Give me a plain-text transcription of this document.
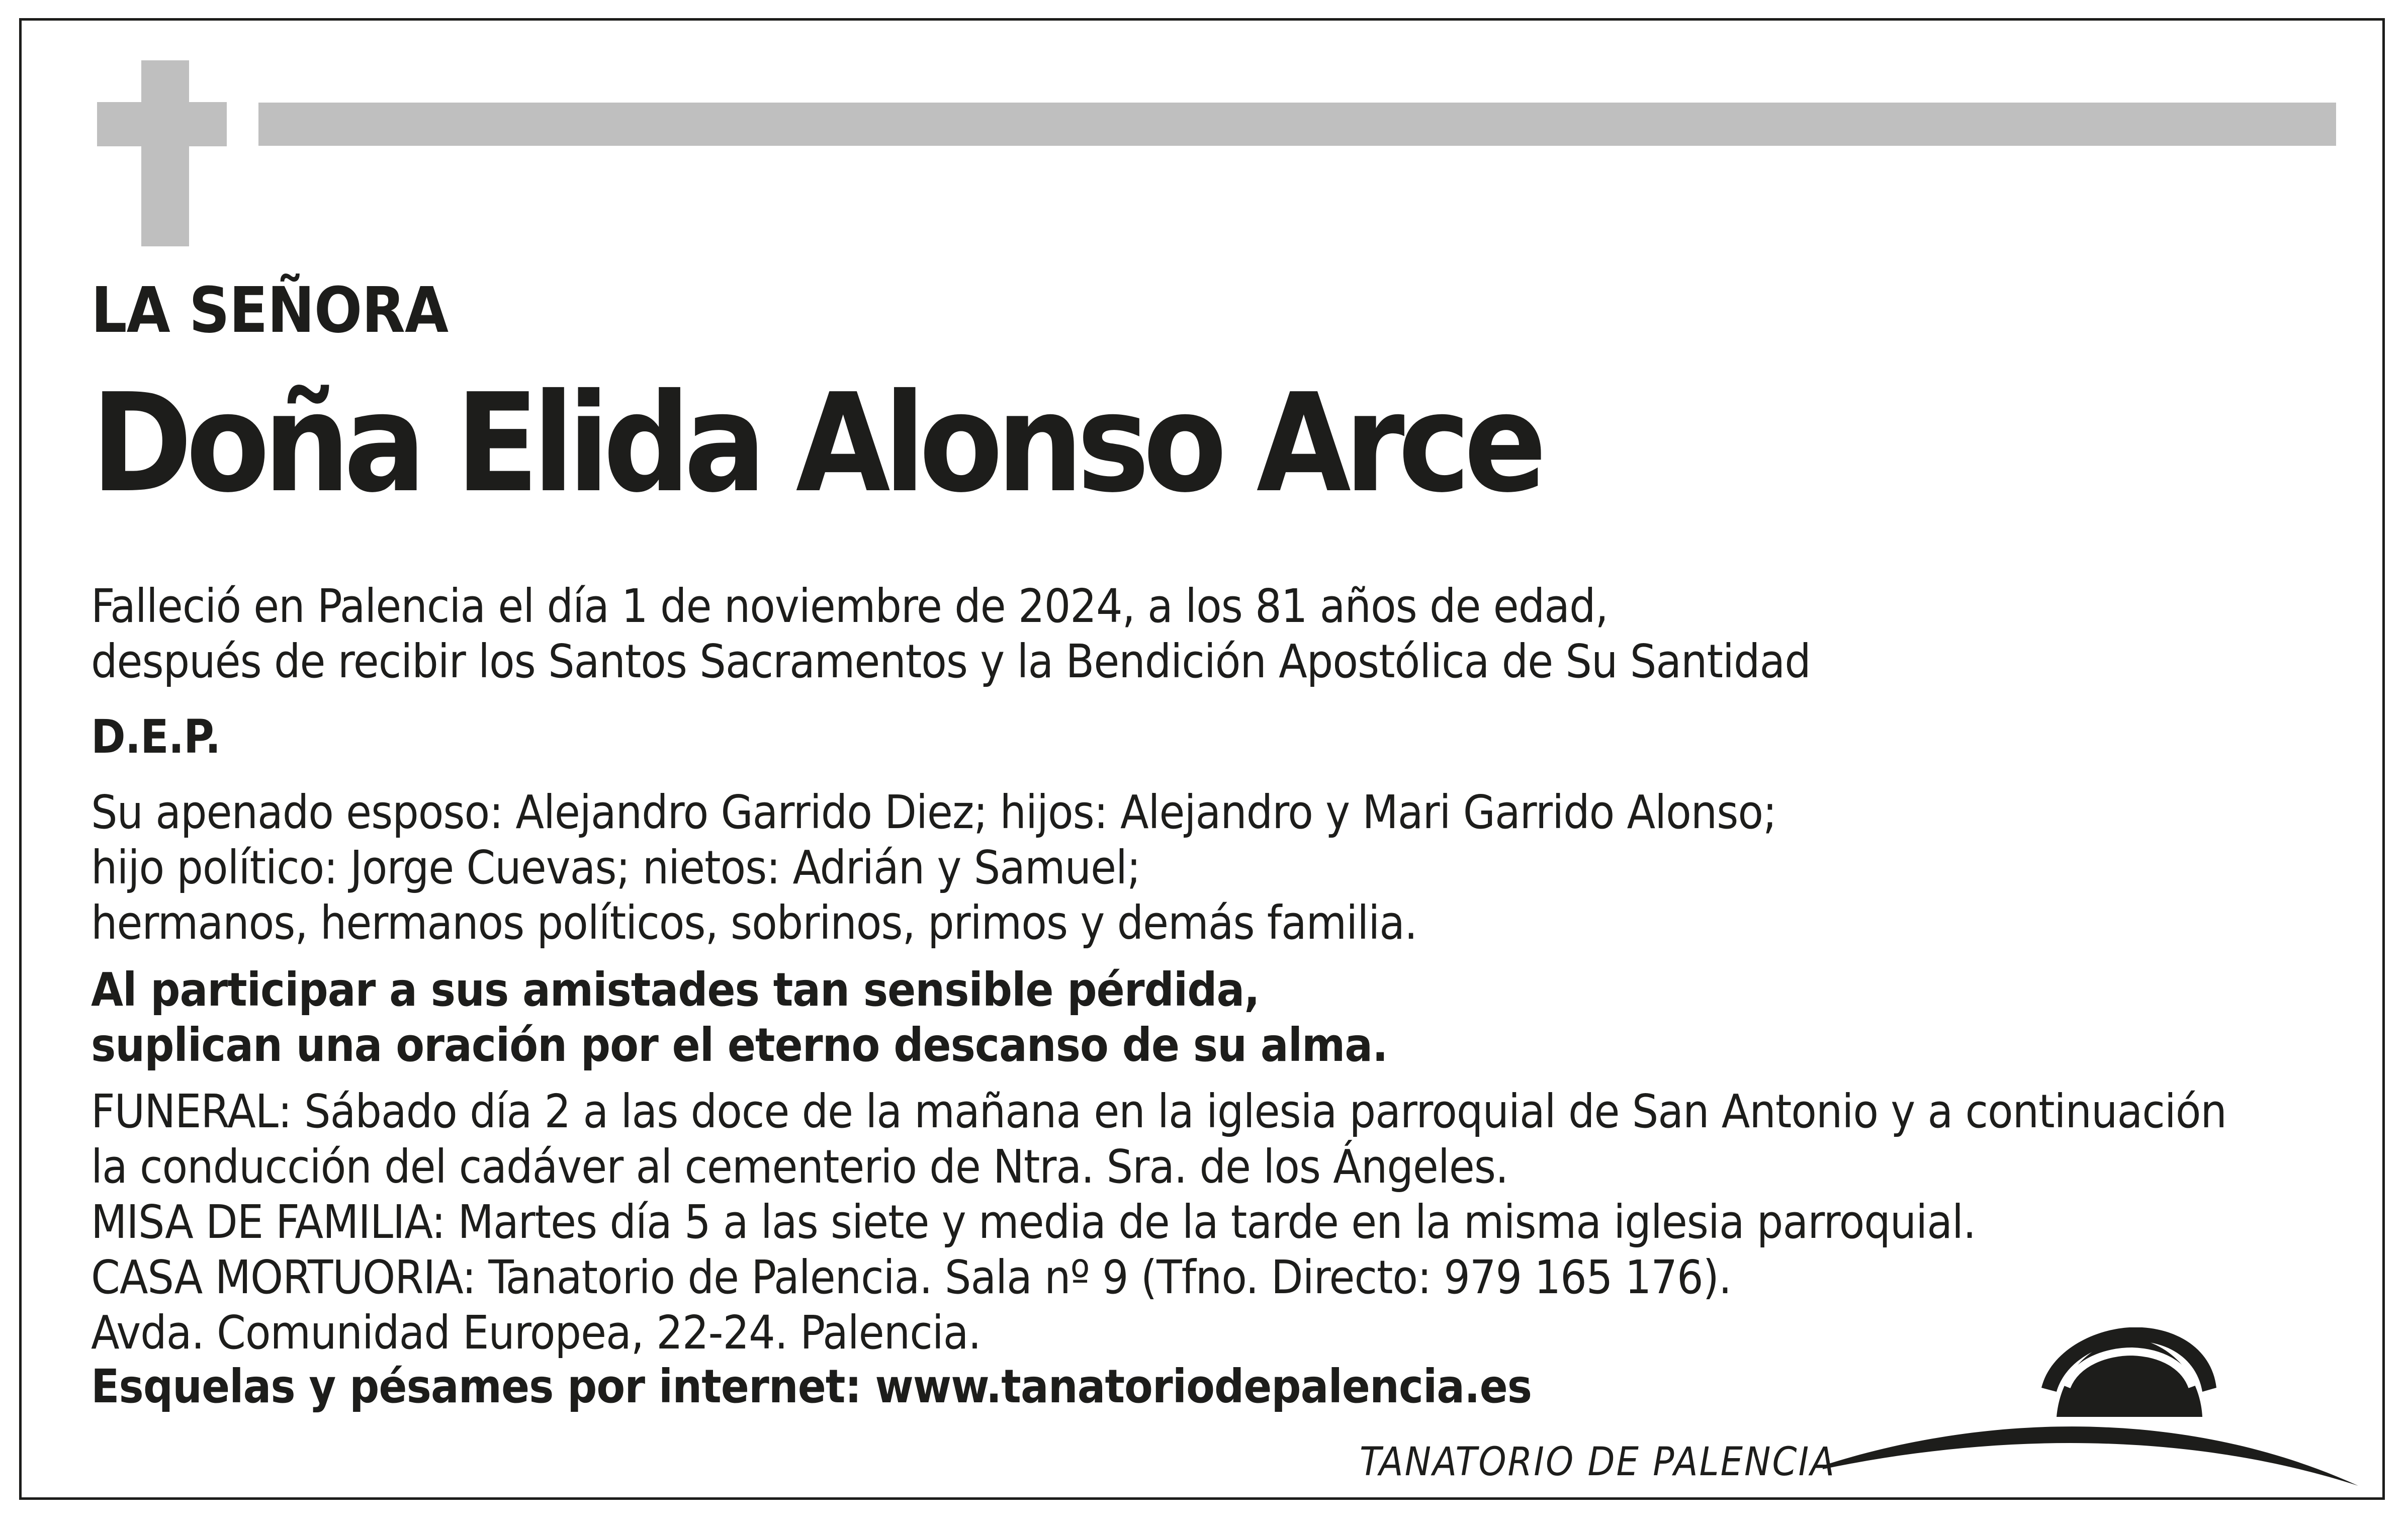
LA SEÑORA
Doña Elida Alonso Arce
Falleció en Palencia el día 1 de noviembre de 2024, a los 81 años de edad,
después de recibir los Santos Sacramentos y la Bendición Apostólica de Su Santidad
D.E.P.
Su apenado esposo: Alejandro Garrido Diez; hijos: Alejandro y Mari Garrido Alonso;
hijo político: Jorge Cuevas; nietos: Adrián y Samuel;
hermanos, hermanos políticos, sobrinos, primos y demás familia.
Al participar a sus amistades tan sensible pérdida,
suplican una oración por el eterno descanso de su alma.
FUNERAL: Sábado día 2 a las doce de la mañana en la iglesia parroquial de San Antonio y a continuación
la conducción del cadáver al cementerio de Ntra. Sra. de los Ángeles.
MISA DE FAMILIA: Martes día 5 a las siete y media de la tarde en la misma iglesia parroquial.
CASA MORTUORIA: Tanatorio de Palencia. Sala nº 9 (Tfno. Directo: 979 165 176).
Avda. Comunidad Europea, 22-24. Palencia.
Esquelas y pésames por internet: www.tanatoriodepalencia.es
TANATORIO DE PALENCIA
